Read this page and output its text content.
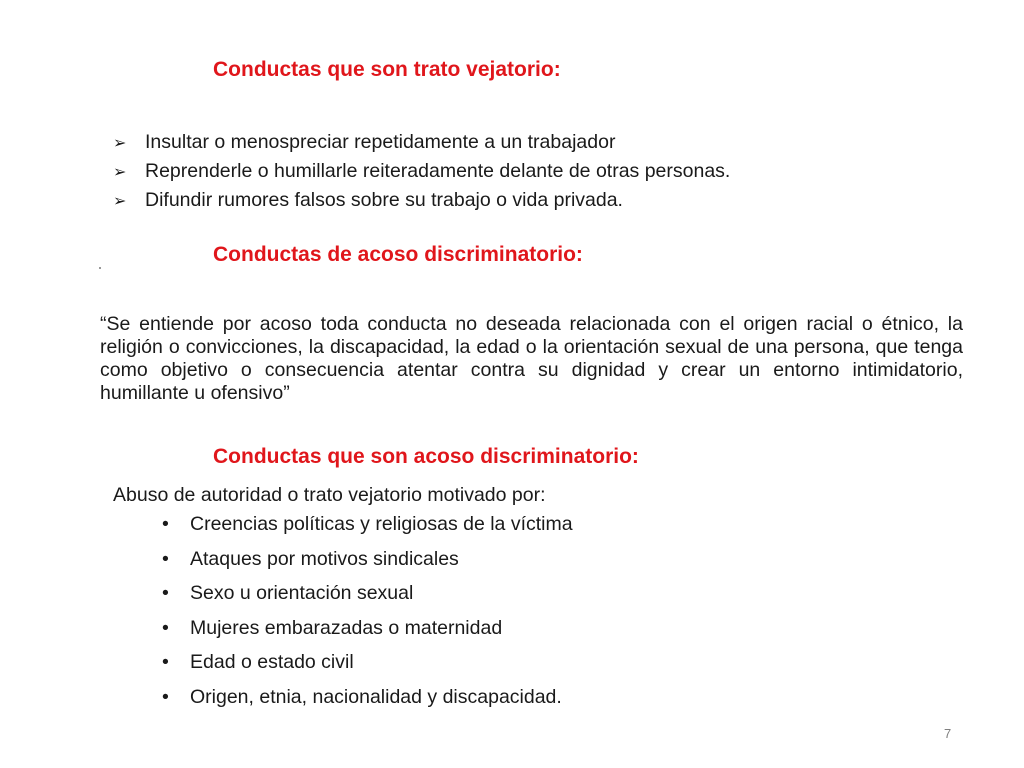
Conductas que son trato vejatorio:
➢ Insultar o menospreciar repetidamente a un trabajador
➢ Reprenderle o humillarle reiteradamente delante de otras personas.
➢ Difundir rumores falsos sobre su trabajo o vida privada.
Conductas de acoso discriminatorio:

“Se entiende por acoso toda conducta no deseada relacionada con el origen racial o étnico, la religión o convicciones, la discapacidad, la edad o la orientación sexual de una persona, que tenga como objetivo o consecuencia atentar contra su dignidad y crear un entorno intimidatorio, humillante u ofensivo”

Conductas que son acoso discriminatorio:

Abuso de autoridad o trato vejatorio motivado por:

• Creencias políticas y religiosas de la víctima
• Ataques por motivos sindicales
• Sexo u orientación sexual
• Mujeres embarazadas o maternidad
• Edad o estado civil
• Origen, etnia, nacionalidad y discapacidad.
7
